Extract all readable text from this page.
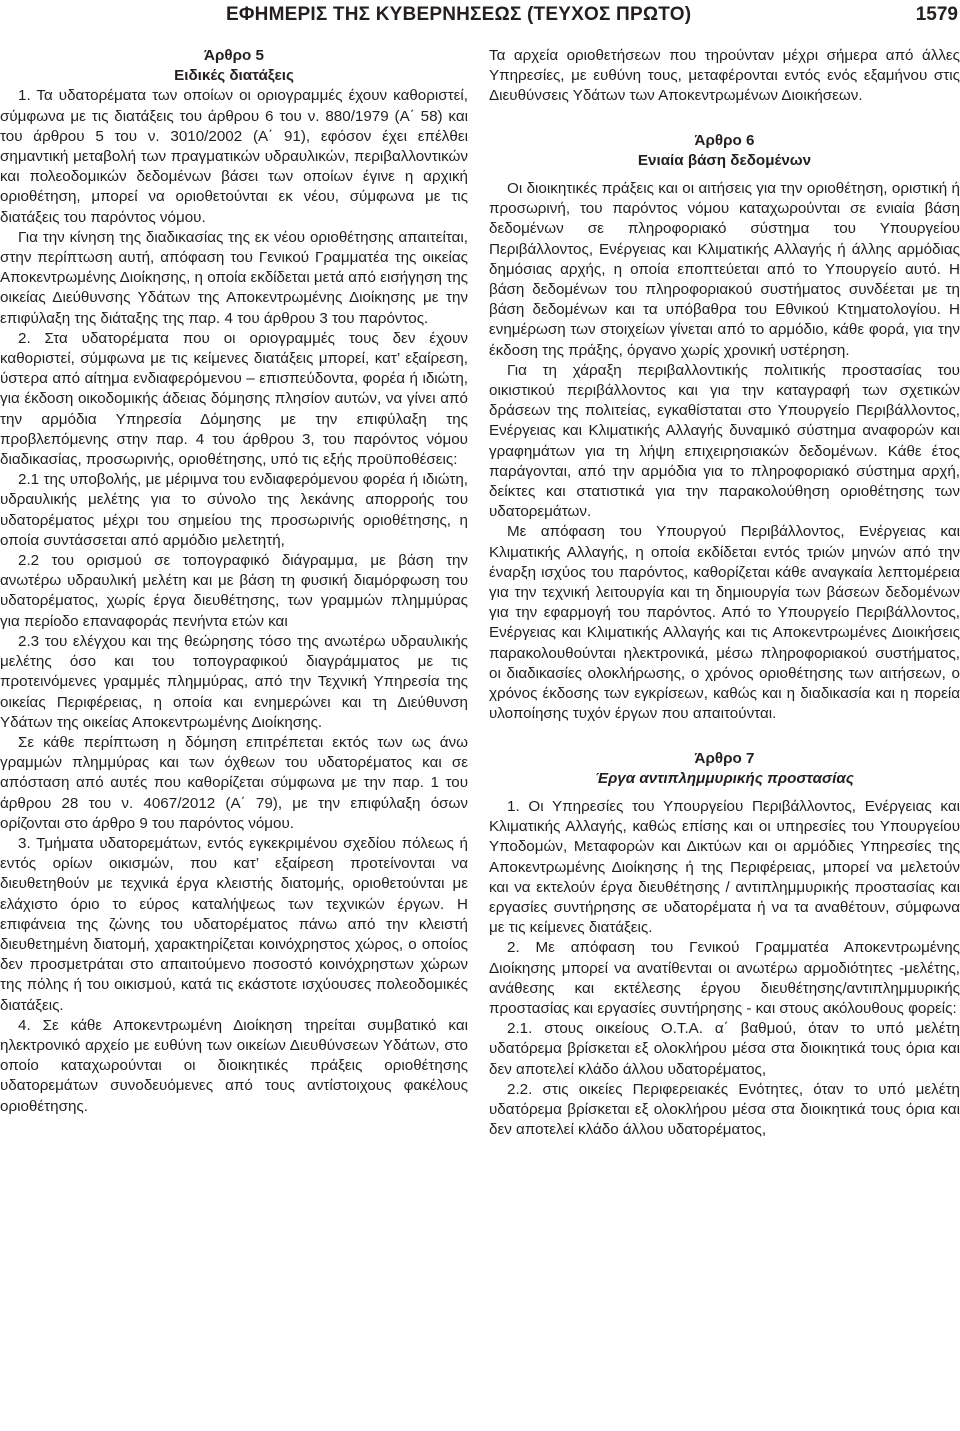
ΕΦΗΜΕΡΙΣ ΤΗΣ ΚΥΒΕΡΝΗΣΕΩΣ (ΤΕΥΧΟΣ ΠΡΩΤΟ)	1579
Άρθρο 5
Ειδικές διατάξεις

1. Τα υδατορέματα των οποίων οι οριογραμμές έχουν καθοριστεί, σύμφωνα με τις διατάξεις του άρθρου 6 του ν. 880/1979 (Α΄ 58) και του άρθρου 5 του ν. 3010/2002 (Α΄ 91), εφόσον έχει επέλθει σημαντική μεταβολή των πραγματικών υδραυλικών, περιβαλλοντικών και πολεοδομικών δεδομένων βάσει των οποίων έγινε η αρχική οριοθέτηση, μπορεί να οριοθετούνται εκ νέου, σύμφωνα με τις διατάξεις του παρόντος νόμου.

Για την κίνηση της διαδικασίας της εκ νέου οριοθέτησης απαιτείται, στην περίπτωση αυτή, απόφαση του Γενικού Γραμματέα της οικείας Αποκεντρωμένης Διοίκησης, η οποία εκδίδεται μετά από εισήγηση της οικείας Διεύθυνσης Υδάτων της Αποκεντρωμένης Διοίκησης με την επιφύλαξη της διάταξης της παρ. 4 του άρθρου 3 του παρόντος.

2. Στα υδατορέματα που οι οριογραμμές τους δεν έχουν καθοριστεί, σύμφωνα με τις κείμενες διατάξεις μπορεί, κατ’ εξαίρεση, ύστερα από αίτημα ενδιαφερόμενου – επισπεύδοντα, φορέα ή ιδιώτη, για έκδοση οικοδομικής άδειας δόμησης πλησίον αυτών, να γίνει από την αρμόδια Υπηρεσία Δόμησης με την επιφύλαξη της προβλεπόμενης στην παρ. 4 του άρθρου 3, του παρόντος νόμου διαδικασίας, προσωρινής, οριοθέτησης, υπό τις εξής προϋποθέσεις:

2.1 της υποβολής, με μέριμνα του ενδιαφερόμενου φορέα ή ιδιώτη, υδραυλικής μελέτης για το σύνολο της λεκάνης απορροής του υδατορέματος μέχρι του σημείου της προσωρινής οριοθέτησης, η οποία συντάσσεται από αρμόδιο μελετητή,

2.2 του ορισμού σε τοπογραφικό διάγραμμα, με βάση την ανωτέρω υδραυλική μελέτη και με βάση τη φυσική διαμόρφωση του υδατορέματος, χωρίς έργα διευθέτησης, των γραμμών πλημμύρας για περίοδο επαναφοράς πενήντα ετών και

2.3 του ελέγχου και της θεώρησης τόσο της ανωτέρω υδραυλικής μελέτης όσο και του τοπογραφικού διαγράμματος με τις προτεινόμενες γραμμές πλημμύρας, από την Τεχνική Υπηρεσία της οικείας Περιφέρειας, η οποία και ενημερώνει και τη Διεύθυνση Υδάτων της οικείας Αποκεντρωμένης Διοίκησης.

Σε κάθε περίπτωση η δόμηση επιτρέπεται εκτός των ως άνω γραμμών πλημμύρας και των όχθεων του υδατορέματος και σε απόσταση από αυτές που καθορίζεται σύμφωνα με την παρ. 1 του άρθρου 28 του ν. 4067/2012 (Α΄ 79), με την επιφύλαξη όσων ορίζονται στο άρθρο 9 του παρόντος νόμου.

3. Τμήματα υδατορεμάτων, εντός εγκεκριμένου σχεδίου πόλεως ή εντός ορίων οικισμών, που κατ’ εξαίρεση προτείνονται να διευθετηθούν με τεχνικά έργα κλειστής διατομής, οριοθετούνται με ελάχιστο όριο το εύρος καταλήψεως των τεχνικών έργων. Η επιφάνεια της ζώνης του υδατορέματος πάνω από την κλειστή διευθετημένη διατομή, χαρακτηρίζεται κοινόχρηστος χώρος, ο οποίος δεν προσμετράται στο απαιτούμενο ποσοστό κοινόχρηστων χώρων της πόλης ή του οικισμού, κατά τις εκάστοτε ισχύουσες πολεοδομικές διατάξεις.

4. Σε κάθε Αποκεντρωμένη Διοίκηση τηρείται συμβατικό και ηλεκτρονικό αρχείο με ευθύνη των οικείων Διευθύνσεων Υδάτων, στο οποίο καταχωρούνται οι διοικητικές πράξεις οριοθέτησης υδατορεμάτων συνοδευόμενες από τους αντίστοιχους φακέλους οριοθέτησης.

Τα αρχεία οριοθετήσεων που τηρούνταν μέχρι σήμερα από άλλες Υπηρεσίες, με ευθύνη τους, μεταφέρονται εντός ενός εξαμήνου στις Διευθύνσεις Υδάτων των Αποκεντρωμένων Διοικήσεων.

Άρθρο 6
Ενιαία βάση δεδομένων

Οι διοικητικές πράξεις και οι αιτήσεις για την οριοθέτηση, οριστική ή προσωρινή, του παρόντος νόμου καταχωρούνται σε ενιαία βάση δεδομένων σε πληροφοριακό σύστημα του Υπουργείου Περιβάλλοντος, Ενέργειας και Κλιματικής Αλλαγής ή άλλης αρμόδιας δημόσιας αρχής, η οποία εποπτεύεται από το Υπουργείο αυτό. Η βάση δεδομένων του πληροφοριακού συστήματος συνδέεται με τη βάση δεδομένων και τα υπόβαθρα του Εθνικού Κτηματολογίου. Η ενημέρωση των στοιχείων γίνεται από το αρμόδιο, κάθε φορά, για την έκδοση της πράξης, όργανο χωρίς χρονική υστέρηση.

Για τη χάραξη περιβαλλοντικής πολιτικής προστασίας του οικιστικού περιβάλλοντος και για την καταγραφή των σχετικών δράσεων της πολιτείας, εγκαθίσταται στο Υπουργείο Περιβάλλοντος, Ενέργειας και Κλιματικής Αλλαγής δυναμικό σύστημα αναφορών και γραφημάτων για τη λήψη επιχειρησιακών δεδομένων. Κάθε έτος παράγονται, από την αρμόδια για το πληροφοριακό σύστημα αρχή, δείκτες και στατιστικά για την παρακολούθηση οριοθέτησης των υδατορεμάτων.

Με απόφαση του Υπουργού Περιβάλλοντος, Ενέργειας και Κλιματικής Αλλαγής, η οποία εκδίδεται εντός τριών μηνών από την έναρξη ισχύος του παρόντος, καθορίζεται κάθε αναγκαία λεπτομέρεια για την τεχνική λειτουργία και τη δημιουργία των βάσεων δεδομένων για την εφαρμογή του παρόντος. Από το Υπουργείο Περιβάλλοντος, Ενέργειας και Κλιματικής Αλλαγής και τις Αποκεντρωμένες Διοικήσεις παρακολουθούνται ηλεκτρονικά, μέσω πληροφοριακού συστήματος, οι διαδικασίες ολοκλήρωσης, ο χρόνος οριοθέτησης των αιτήσεων, ο χρόνος έκδοσης των εγκρίσεων, καθώς και η διαδικασία και η πορεία υλοποίησης τυχόν έργων που απαιτούνται.

Άρθρο 7
Έργα αντιπλημμυρικής προστασίας

1. Οι Υπηρεσίες του Υπουργείου Περιβάλλοντος, Ενέργειας και Κλιματικής Αλλαγής, καθώς επίσης και οι υπηρεσίες του Υπουργείου Υποδομών, Μεταφορών και Δικτύων και οι αρμόδιες Υπηρεσίες της Αποκεντρωμένης Διοίκησης ή της Περιφέρειας, μπορεί να μελετούν και να εκτελούν έργα διευθέτησης / αντιπλημμυρικής προστασίας και εργασίες συντήρησης σε υδατορέματα ή να τα αναθέτουν, σύμφωνα με τις κείμενες διατάξεις.

2. Με απόφαση του Γενικού Γραμματέα Αποκεντρωμένης Διοίκησης μπορεί να ανατίθενται οι ανωτέρω αρμοδιότητες -μελέτης, ανάθεσης και εκτέλεσης έργου διευθέτησης/αντιπλημμυρικής προστασίας και εργασίες συντήρησης - και στους ακόλουθους φορείς:

2.1. στους οικείους Ο.Τ.Α. α΄ βαθμού, όταν το υπό μελέτη υδατόρεμα βρίσκεται εξ ολοκλήρου μέσα στα διοικητικά τους όρια και δεν αποτελεί κλάδο άλλου υδατορέματος,

2.2. στις οικείες Περιφερειακές Ενότητες, όταν το υπό μελέτη υδατόρεμα βρίσκεται εξ ολοκλήρου μέσα στα διοικητικά τους όρια και δεν αποτελεί κλάδο άλλου υδατορέματος,
